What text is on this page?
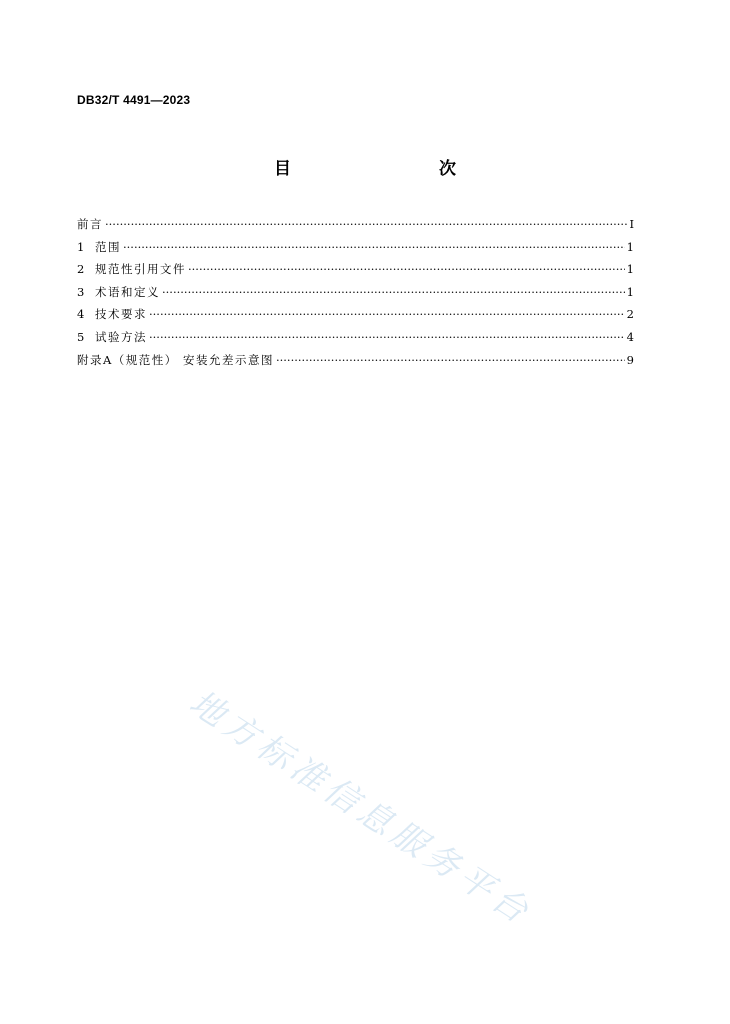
DB32/T 4491—2023
目　　次
前言 ·····	I
1 范围 ·····	1
2 规范性引用文件 ·····	1
3 术语和定义 ·····	1
4 技术要求 ·····	2
5 试验方法 ·····	4
附录A（规范性） 安装允差示意图 ·····	9
地方标准信息服务平台
